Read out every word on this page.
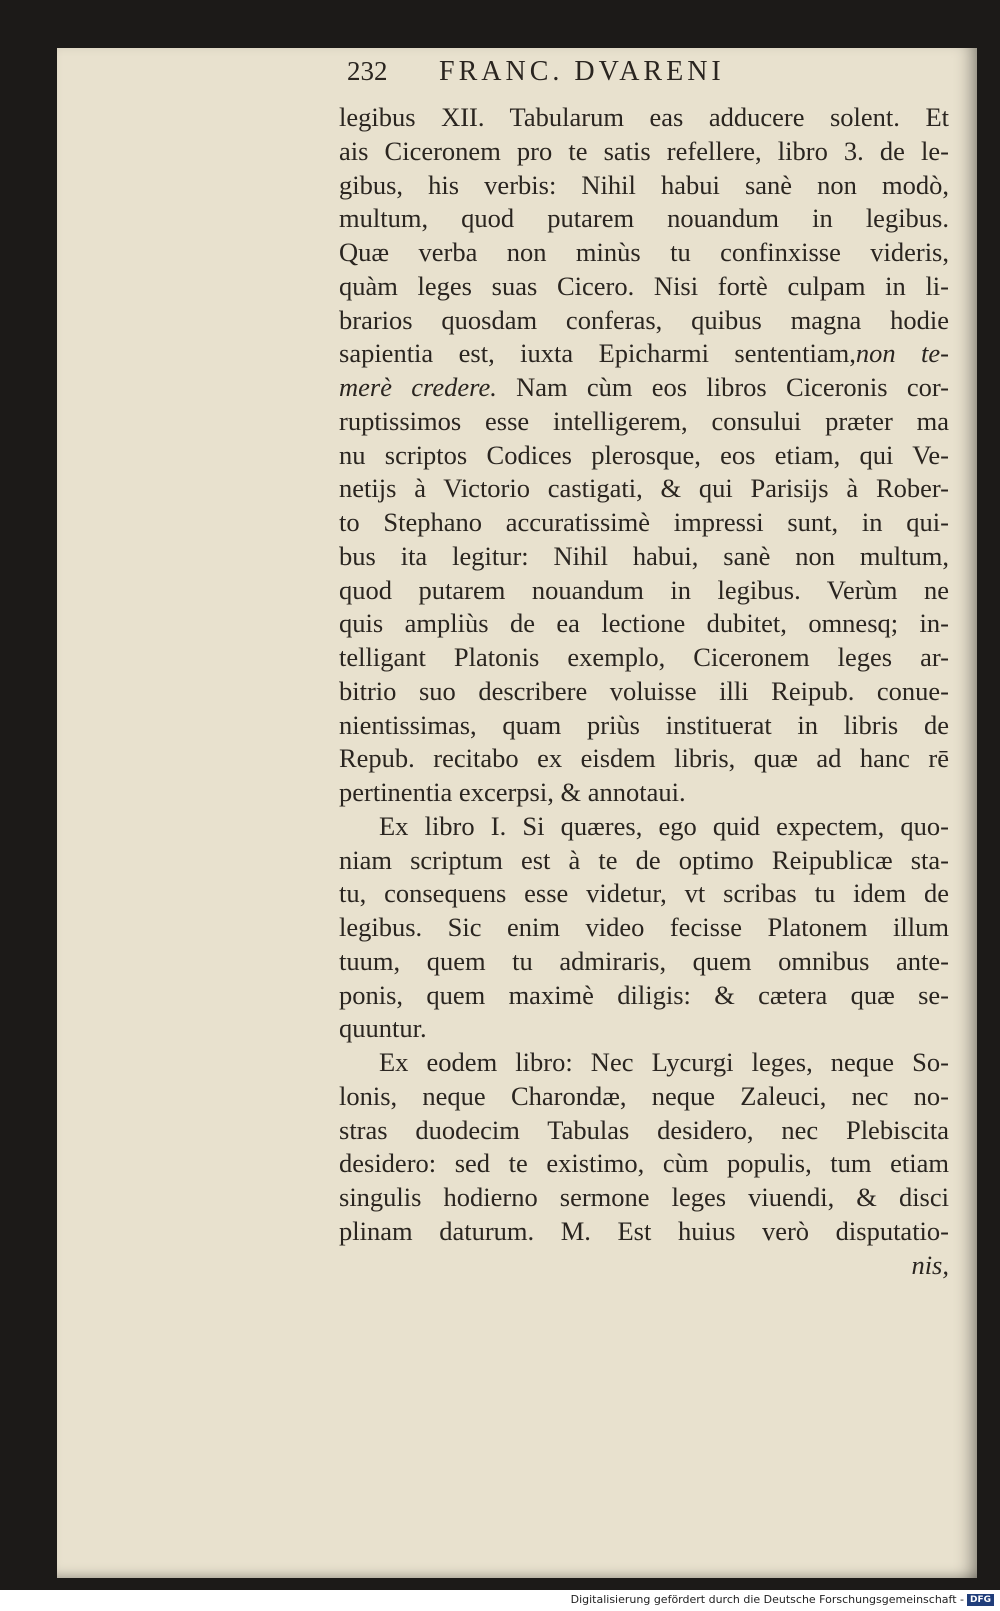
232 FRANC. DVARENI
legibus XII. Tabularum eas adducere solent. Et
ais Ciceronem pro te satis refellere, libro 3. de le-
gibus, his verbis: Nihil habui sanè non modò,
multum, quod putarem nouandum in legibus.
Quæ verba non minùs tu confinxisse videris,
quàm leges suas Cicero. Nisi fortè culpam in li-
brarios quosdam conferas, quibus magna hodie
sapientia est, iuxta Epicharmi sententiam,non te-
merè credere. Nam cùm eos libros Ciceronis cor-
ruptissimos esse intelligerem, consului præter ma
nu scriptos Codices plerosque, eos etiam, qui Ve-
netijs à Victorio castigati, & qui Parisijs à Rober-
to Stephano accuratissimè impressi sunt, in qui-
bus ita legitur: Nihil habui, sanè non multum,
quod putarem nouandum in legibus. Verùm ne
quis ampliùs de ea lectione dubitet, omnesq; in-
telligant Platonis exemplo, Ciceronem leges ar-
bitrio suo describere voluisse illi Reipub. conue-
nientissimas, quam priùs instituerat in libris de
Repub. recitabo ex eisdem libris, quæ ad hanc rē
pertinentia excerpsi, & annotaui.
Ex libro I. Si quæres, ego quid expectem, quo-
niam scriptum est à te de optimo Reipublicæ sta-
tu, consequens esse videtur, vt scribas tu idem de
legibus. Sic enim video fecisse Platonem illum
tuum, quem tu admiraris, quem omnibus ante-
ponis, quem maximè diligis: & cætera quæ se-
quuntur.
Ex eodem libro: Nec Lycurgi leges, neque So-
lonis, neque Charondæ, neque Zaleuci, nec no-
stras duodecim Tabulas desidero, nec Plebiscita
desidero: sed te existimo, cùm populis, tum etiam
singulis hodierno sermone leges viuendi, & disci
plinam daturum. M. Est huius verò disputatio-
nis,
Digitalisierung gefördert durch die Deutsche Forschungsgemeinschaft - DFG
